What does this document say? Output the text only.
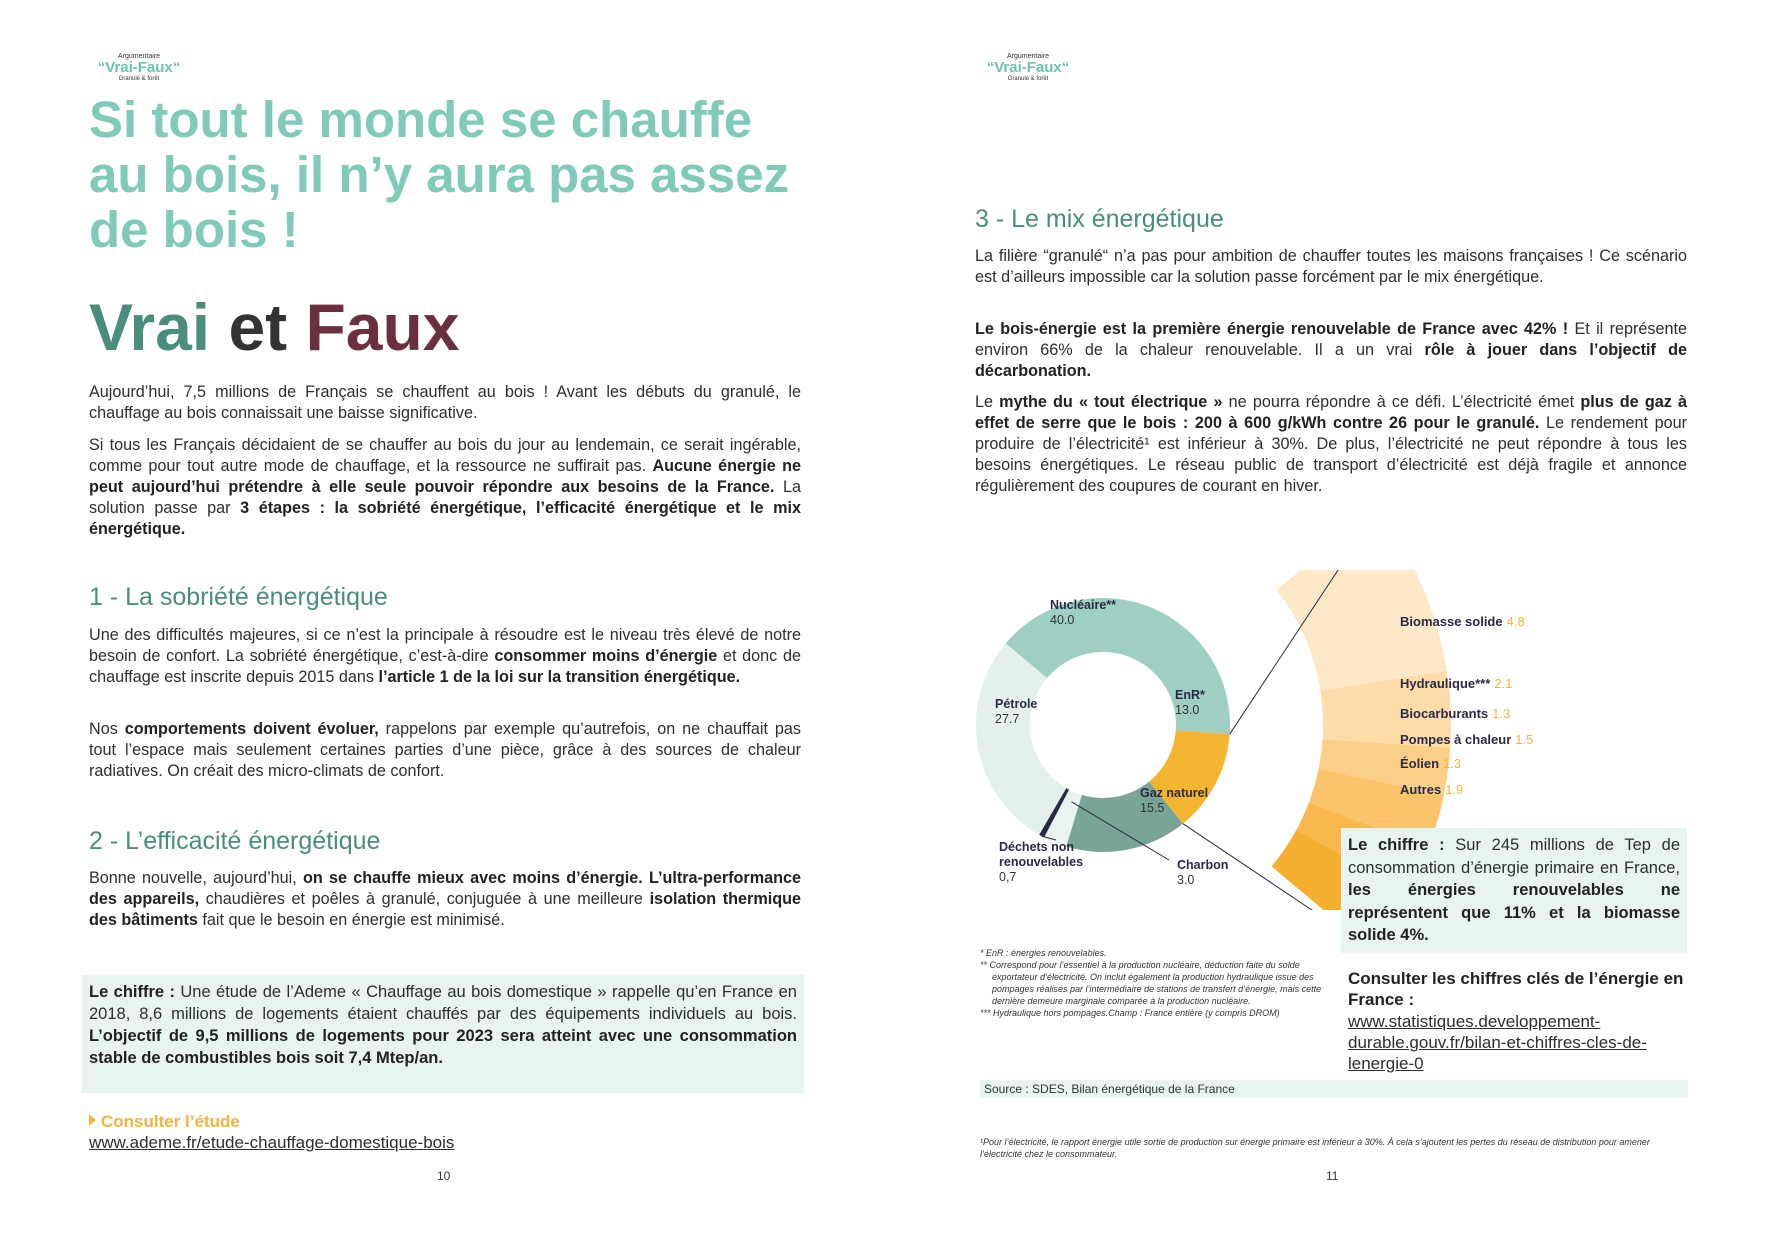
Argumentaire
“Vrai-Faux“
Granulé & forêt
Si tout le monde se chauffe au bois, il n’y aura pas assez de bois !
Vrai et Faux

Aujourd’hui, 7,5 millions de Français se chauffent au bois ! Avant les débuts du granulé, le chauffage au bois connaissait une baisse significative.

Si tous les Français décidaient de se chauffer au bois du jour au lendemain, ce serait ingérable, comme pour tout autre mode de chauffage, et la ressource ne suffirait pas. Aucune énergie ne peut aujourd’hui prétendre à elle seule pouvoir répondre aux besoins de la France. La solution passe par 3 étapes : la sobriété énergétique, l’efficacité énergétique et le mix énergétique.

1 - La sobriété énergétique

Une des difficultés majeures, si ce n’est la principale à résoudre est le niveau très élevé de notre besoin de confort. La sobriété énergétique, c’est-à-dire consommer moins d’énergie et donc de chauffage est inscrite depuis 2015 dans l’article 1 de la loi sur la transition énergétique.

Nos comportements doivent évoluer, rappelons par exemple qu’autrefois, on ne chauffait pas tout l’espace mais seulement certaines parties d’une pièce, grâce à des sources de chaleur radiatives. On créait des micro-climats de confort.

2 - L’efficacité énergétique

Bonne nouvelle, aujourd’hui, on se chauffe mieux avec moins d’énergie. L’ultra-performance des appareils, chaudières et poêles à granulé, conjuguée à une meilleure isolation thermique des bâtiments fait que le besoin en énergie est minimisé.

Le chiffre : Une étude de l’Ademe « Chauffage au bois domestique » rappelle qu’en France en 2018, 8,6 millions de logements étaient chauffés par des équipements individuels au bois. L’objectif de 9,5 millions de logements pour 2023 sera atteint avec une consommation stable de combustibles bois soit 7,4 Mtep/an.

Consulter l’étude
www.ademe.fr/etude-chauffage-domestique-bois
10
Argumentaire
“Vrai-Faux“
Granulé & forêt
3 - Le mix énergétique

La filière “granulé“ n’a pas pour ambition de chauffer toutes les maisons françaises ! Ce scénario est d’ailleurs impossible car la solution passe forcément par le mix énergétique.

Le bois-énergie est la première énergie renouvelable de France avec 42% ! Et il représente environ 66% de la chaleur renouvelable. Il a un vrai rôle à jouer dans l’objectif de décarbonation.

Le mythe du « tout électrique » ne pourra répondre à ce défi. L’électricité émet plus de gaz à effet de serre que le bois : 200 à 600 g/kWh contre 26 pour le granulé. Le rendement pour produire de l’électricité¹ est inférieur à 30%. De plus, l’électricité ne peut répondre à tous les besoins énergétiques. Le réseau public de transport d’électricité est déjà fragile et annonce régulièrement des coupures de courant en hiver.

Nucléaire**
40.0
EnR*
13.0
Gaz naturel
15.5
Charbon
3.0
Déchets non renouvelables
0,7
Pétrole
27.7
Biomasse solide 4.8
Hydraulique*** 2.1
Biocarburants 1.3
Pompes à chaleur 1.5
Éolien 1.3
Autres 1.9

Le chiffre : Sur 245 millions de Tep de consommation d’énergie primaire en France, les énergies renouvelables ne représentent que 11% et la biomasse solide 4%.

Consulter les chiffres clés de l’énergie en France :
www.statistiques.developpement-durable.gouv.fr/bilan-et-chiffres-cles-de-lenergie-0
* EnR : énergies renouvelables.
** Correspond pour l’essentiel à la production nucléaire, déduction faite du solde exportateur d’électricité. On inclut également la production hydraulique issue des pompages réalisés par l’intermédiaire de stations de transfert d’énergie, mais cette dernière demeure marginale comparée à la production nucléaire.
*** Hydraulique hors pompages.Champ : France entière (y compris DROM)
Source : SDES, Bilan énergétique de la France
¹Pour l’électricité, le rapport énergie utile sortie de production sur énergie primaire est inférieur à 30%. À cela s’ajoutent les pertes du réseau de distribution pour amener l’électricité chez le consommateur.
11
